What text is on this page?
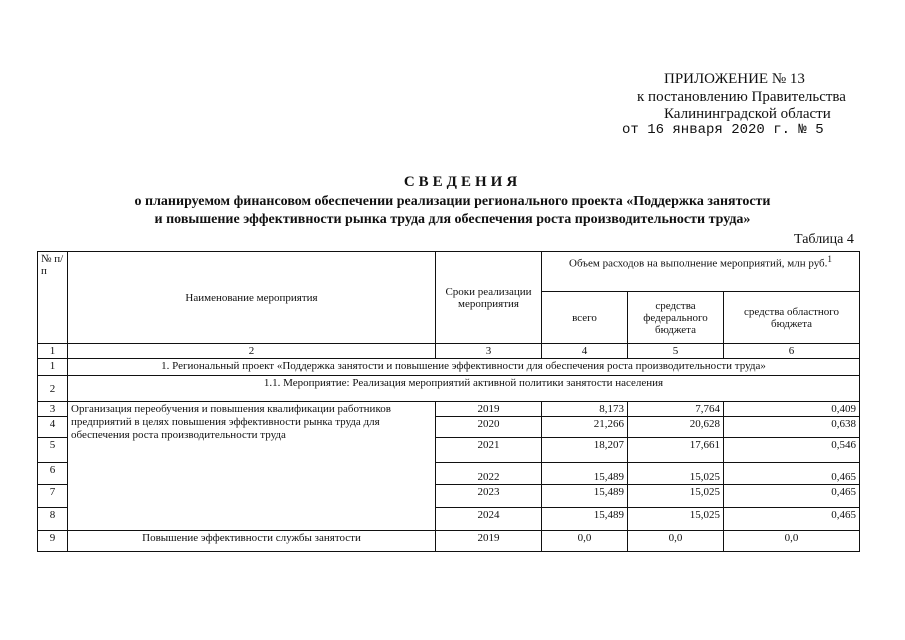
ПРИЛОЖЕНИЕ № 13
к постановлению Правительства
Калининградской области
от 16 января 2020 г. № 5
СВЕДЕНИЯ
о планируемом финансовом обеспечении реализации регионального проекта «Поддержка занятости
и повышение эффективности рынка труда для обеспечения роста производительности труда»
Таблица 4
№ п/п	Наименование мероприятия	Сроки реализации мероприятия	Объем расходов на выполнение мероприятий, млн руб.$^1$
			всего	средства федерального бюджета	средства областного бюджета
1	2	3	4	5	6
1	1. Региональный проект «Поддержка занятости и повышение эффективности для обеспечения роста производительности труда»				
2	1.1. Мероприятие: Реализация мероприятий активной политики занятости населения				
3	Организация переобучения и повышения квалификации работников предприятий в целях повышения эффективности рынка труда для обеспечения роста производительности труда	2019	8,173	7,764	0,409
4		2020	21,266	20,628	0,638
5		2021	18,207	17,661	0,546
6		2022	15,489	15,025	0,465
7		2023	15,489	15,025	0,465
8		2024	15,489	15,025	0,465
9	Повышение эффективности службы занятости	2019	0,0	0,0	0,0
